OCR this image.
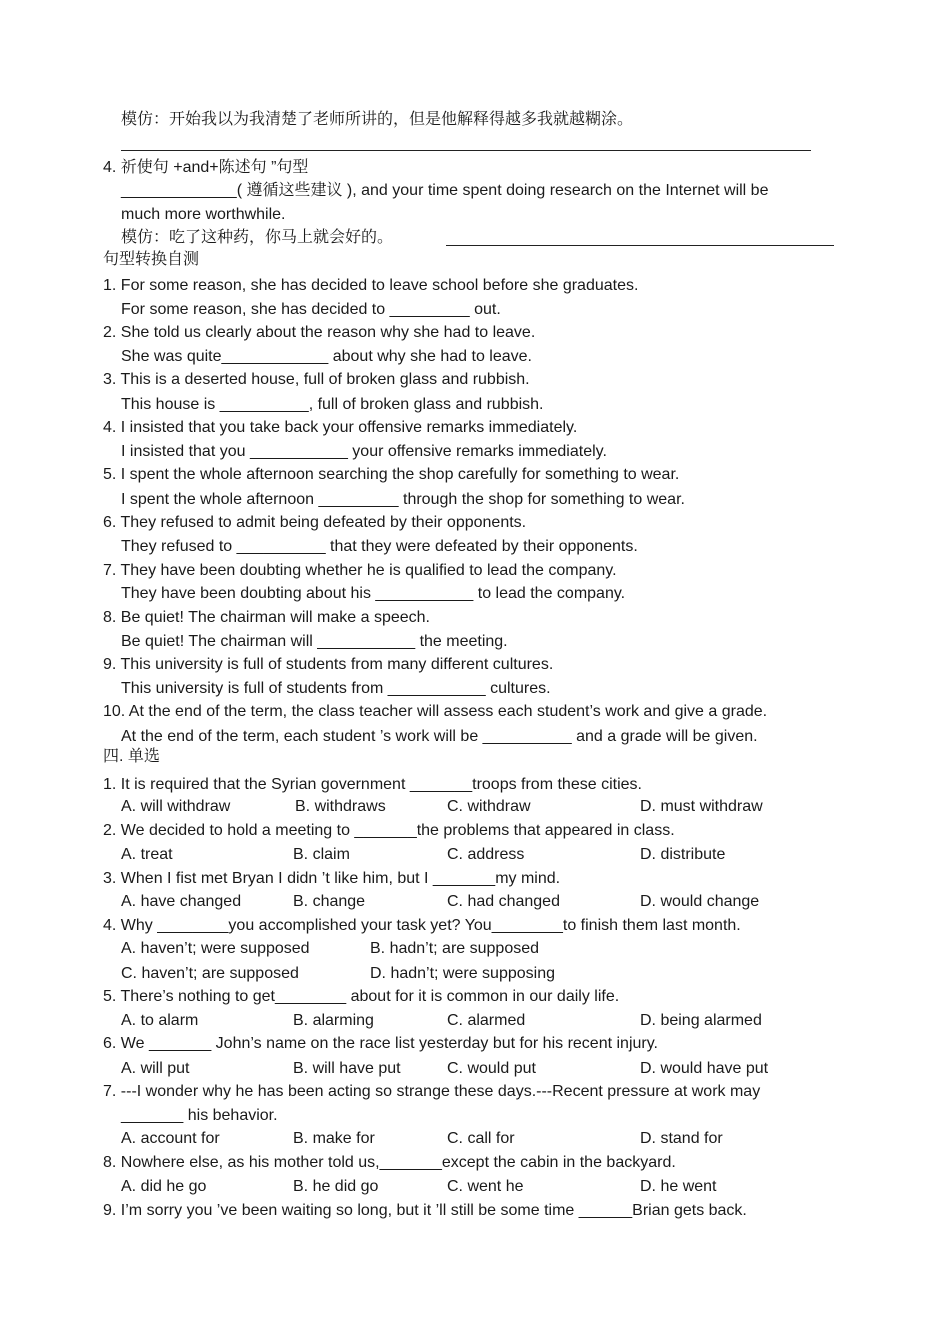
模仿：开始我以为我清楚了老师所讲的，但是他解释得越多我就越糊涂。
4. 祈使句 +and+陈述句 ”句型
_____________( 遵循这些建议 ), and your time spent doing research on the Internet will be
much more worthwhile.
模仿：吃了这种药，你马上就会好的。
句型转换自测
1. For some reason, she has decided to leave school before she graduates.
For some reason, she has decided to _________ out.
2. She told us clearly about the reason why she had to leave.
She was quite____________ about why she had to leave.
3. This is a deserted house, full of broken glass and rubbish.
This house is __________, full of broken glass and rubbish.
4. I insisted that you take back your offensive remarks immediately.
I insisted that you ___________ your offensive remarks immediately.
5. I spent the whole afternoon searching the shop carefully for something to wear.
I spent the whole afternoon _________ through the shop for something to wear.
6. They refused to admit being defeated by their opponents.
They refused to __________ that they were defeated by their opponents.
7. They have been doubting whether he is qualified to lead the company.
They have been doubting about his ___________ to lead the company.
8. Be quiet! The chairman will make a speech.
Be quiet! The chairman will ___________ the meeting.
9. This university is full of students from many different cultures.
This university is full of students from ___________ cultures.
10. At the end of the term, the class teacher will assess each student’s work and give a grade.
At the end of the term, each student ’s work will be __________ and a grade will be given.
四. 单选
1. It is required that the Syrian government _______troops from these cities.
A. will withdraw	B. withdraws	C. withdraw	D. must withdraw
2. We decided to hold a meeting to _______the problems that appeared in class.
A. treat	B. claim	C. address	D. distribute
3. When I fist met Bryan I didn ’t like him, but I _______my mind.
A. have changed	B. change	C. had changed	D. would change
4. Why ________you accomplished your task yet? You________to finish them last month.
A. haven’t; were supposed	B. hadn’t; are supposed
C. haven’t; are supposed	D. hadn’t; were supposing
5. There’s nothing to get________ about for it is common in our daily life.
A. to alarm	B. alarming	C. alarmed	D. being alarmed
6. We _______ John’s name on the race list yesterday but for his recent injury.
A. will put	B. will have put	C. would put	D. would have put
7. ---I wonder why he has been acting so strange these days.---Recent pressure at work may
_______ his behavior.
A. account for	B. make for	C. call for	D. stand for
8. Nowhere else, as his mother told us,_______except the cabin in the backyard.
A. did he go	B. he did go	C. went he	D. he went
9. I’m sorry you ’ve been waiting so long, but it ’ll still be some time ______Brian gets back.
